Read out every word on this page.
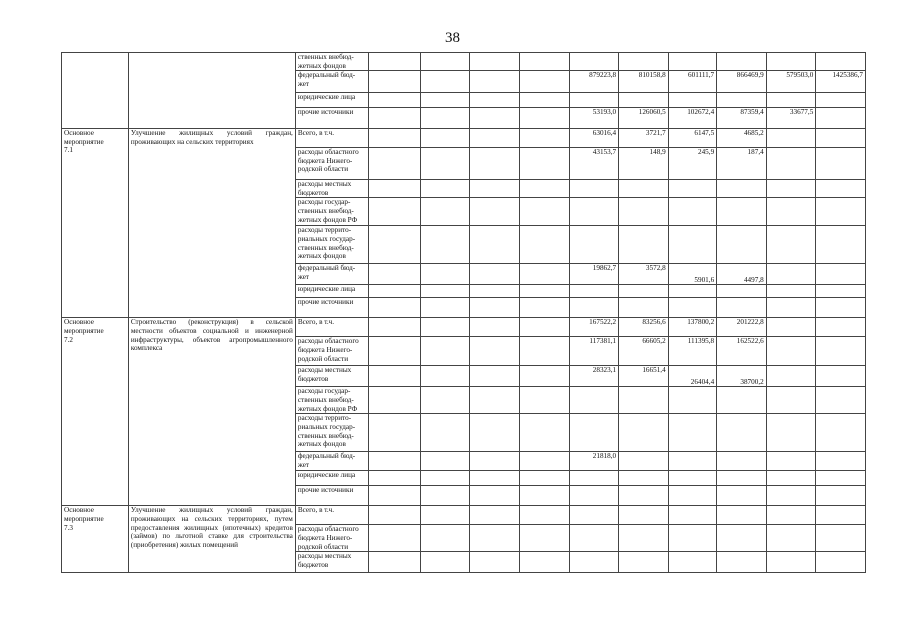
38
		ственных внебюд-
жетных фондов										
		федеральный бюд-
жет					879223,8	810158,8	601111,7	866469,9	579503,0	1425386,7
		юридические лица										
		прочие источники					53193,0	126060,5	102672,4	87359,4	33677,5	
Основное
мероприятие
7.1	Улучшение жилищных условий граждан, проживающих на сельских территориях	Всего, в т.ч.					63016,4	3721,7	6147,5	4685,2		
		расходы областного
бюджета Нижего-
родской области					43153,7	148,9	245,9	187,4		
		расходы местных
бюджетов										
		расходы государ-
ственных внебюд-
жетных фондов РФ										
		расходы террито-
риальных государ-
ственных внебюд-
жетных фондов										
		федеральный бюд-
жет					19862,7	3572,8	5901,6	4497,8		
		юридические лица										
		прочие источники										
Основное
мероприятие
7.2	Строительство (реконструкция) в сельской местности объектов социальной и инженерной инфраструктуры, объектов агропромышленного комплекса	Всего, в т.ч.					167522,2	83256,6	137800,2	201222,8		
		расходы областного
бюджета Нижего-
родской области					117381,1	66605,2	111395,8	162522,6		
		расходы местных
бюджетов					28323,1	16651,4	26404,4	38700,2		
		расходы государ-
ственных внебюд-
жетных фондов РФ										
		расходы террито-
риальных государ-
ственных внебюд-
жетных фондов										
		федеральный бюд-
жет					21818,0					
		юридические лица										
		прочие источники										
Основное
мероприятие
7.3	Улучшение жилищных условий граждан, проживающих на сельских территориях, путем предоставления жилищных (ипотечных) кредитов (займов) по льготной ставке для строительства (приобретения) жилых помещений	Всего, в т.ч.										
		расходы областного
бюджета Нижего-
родской области										
		расходы местных
бюджетов										
